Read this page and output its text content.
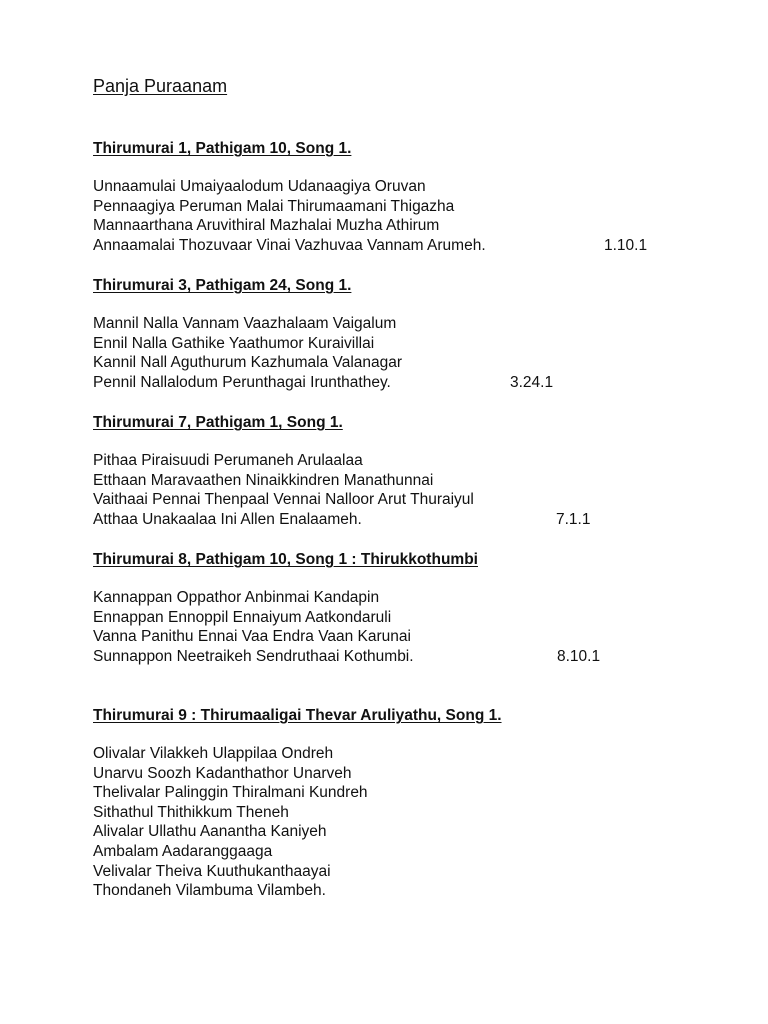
Panja Puraanam

Thirumurai 1, Pathigam 10, Song 1.

Unnaamulai Umaiyaalodum Udanaagiya Oruvan
Pennaagiya Peruman Malai Thirumaamani Thigazha
Mannaarthana Aruvithiral Mazhalai Muzha Athirum
Annaamalai Thozuvaar Vinai Vazhuvaa Vannam Arumeh.	1.10.1

Thirumurai 3, Pathigam 24, Song 1.

Mannil Nalla Vannam Vaazhalaam Vaigalum
Ennil Nalla Gathike Yaathumor Kuraivillai
Kannil Nall Aguthurum Kazhumala Valanagar
Pennil Nallalodum Perunthagai Irunthathey.	3.24.1

Thirumurai 7, Pathigam 1, Song 1.

Pithaa Piraisuudi Perumaneh Arulaalaa
Etthaan Maravaathen Ninaikkindren Manathunnai
Vaithaai Pennai Thenpaal Vennai Nalloor Arut Thuraiyul
Atthaa Unakaalaa Ini Allen Enalaameh.	7.1.1

Thirumurai 8, Pathigam 10, Song 1 : Thirukkothumbi

Kannappan Oppathor Anbinmai Kandapin
Ennappan Ennoppil Ennaiyum Aatkondaruli
Vanna Panithu Ennai Vaa Endra Vaan Karunai
Sunnappon Neetraikeh Sendruthaai Kothumbi.	8.10.1

Thirumurai 9 : Thirumaaligai Thevar Aruliyathu, Song 1.

Olivalar Vilakkeh Ulappilaa Ondreh
Unarvu Soozh Kadanthathor Unarveh
Thelivalar Palinggin Thiralmani Kundreh
Sithathul Thithikkum Theneh
Alivalar Ullathu Aanantha Kaniyeh
Ambalam Aadaranggaaga
Velivalar Theiva Kuuthukanthaayai
Thondaneh Vilambuma Vilambeh.
